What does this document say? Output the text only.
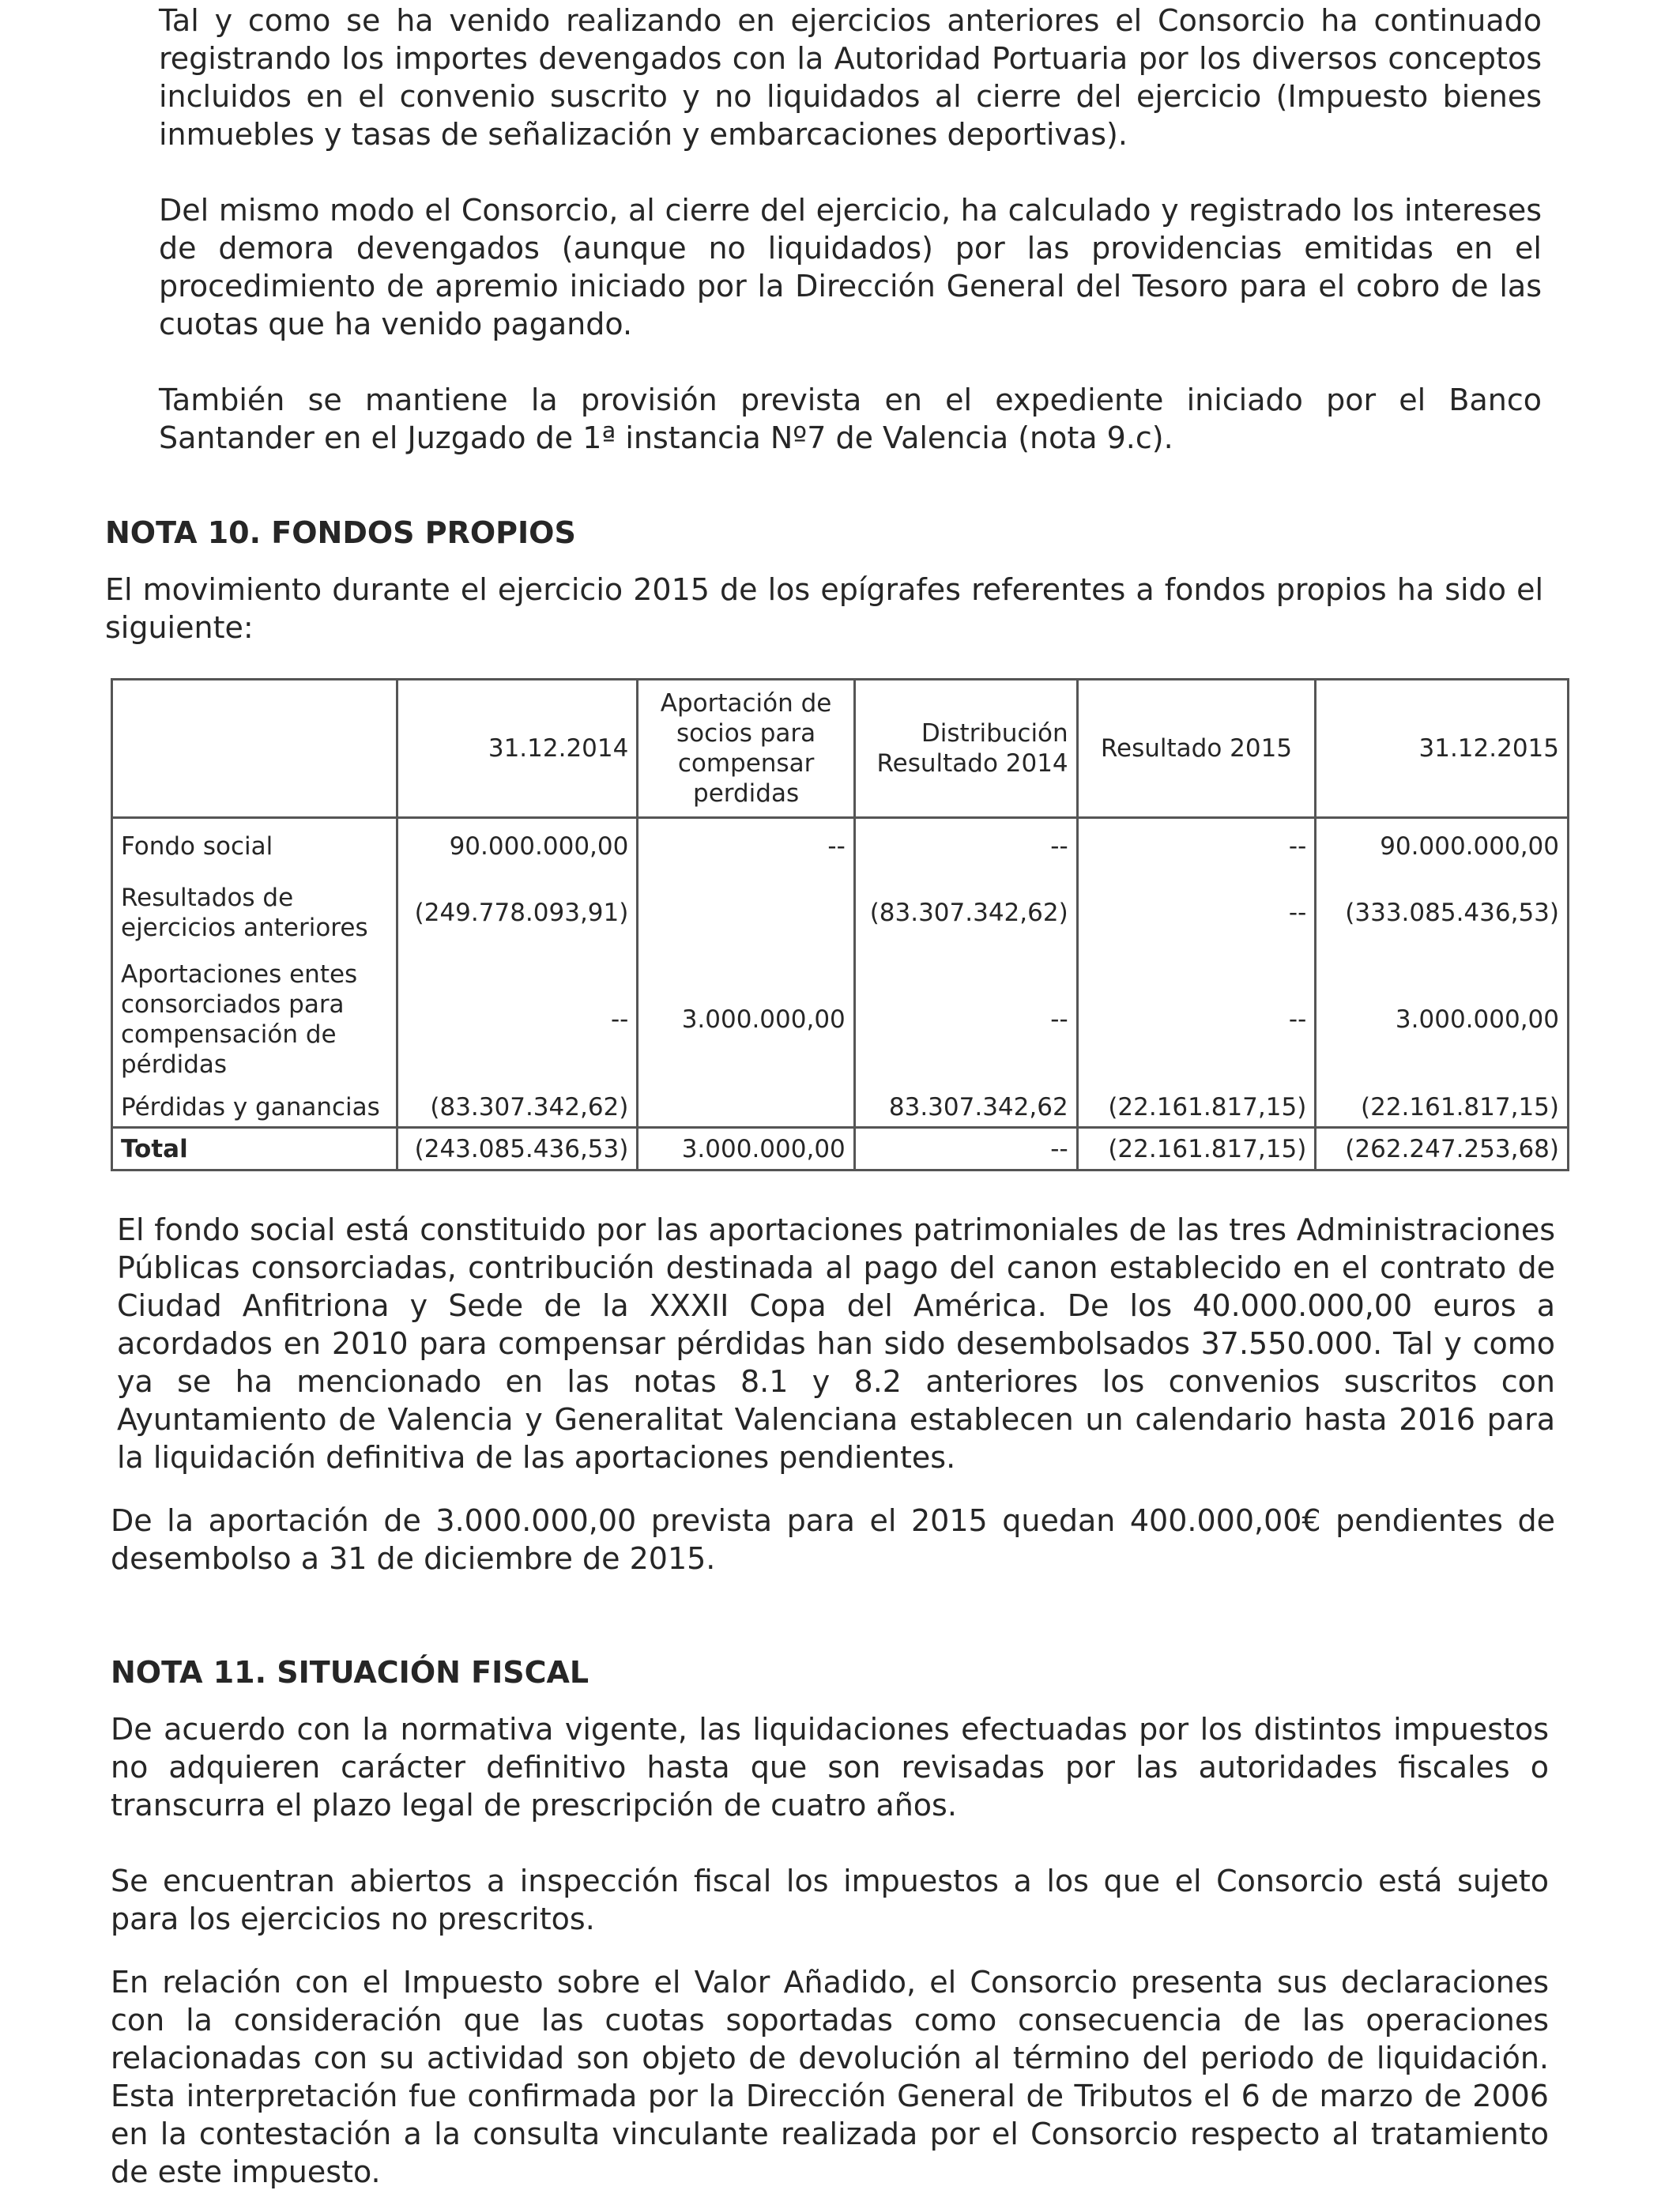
Tal y como se ha venido realizando en ejercicios anteriores el Consorcio ha continuado registrando los importes devengados con la Autoridad Portuaria por los diversos conceptos incluidos en el convenio suscrito y no liquidados al cierre del ejercicio (Impuesto bienes inmuebles y tasas de señalización y embarcaciones deportivas).

Del mismo modo el Consorcio, al cierre del ejercicio, ha calculado y registrado los intereses de demora devengados (aunque no liquidados) por las providencias emitidas en el procedimiento de apremio iniciado por la Dirección General del Tesoro para el cobro de las cuotas que ha venido pagando.

También se mantiene la provisión prevista en el expediente iniciado por el Banco Santander en el Juzgado de 1ª instancia Nº7 de Valencia (nota 9.c).

NOTA 10. FONDOS PROPIOS

El movimiento durante el ejercicio 2015 de los epígrafes referentes a fondos propios ha sido el siguiente:

	31.12.2014	Aportación de socios para compensar perdidas	Distribución Resultado 2014	Resultado 2015	31.12.2015
Fondo social	90.000.000,00	--	--	--	90.000.000,00
Resultados de ejercicios anteriores	(249.778.093,91)		(83.307.342,62)	--	(333.085.436,53)
Aportaciones entes consorciados para compensación de pérdidas	--	3.000.000,00	--	--	3.000.000,00
Pérdidas y ganancias	(83.307.342,62)		83.307.342,62	(22.161.817,15)	(22.161.817,15)
Total	(243.085.436,53)	3.000.000,00	--	(22.161.817,15)	(262.247.253,68)

El fondo social está constituido por las aportaciones patrimoniales de las tres Administraciones Públicas consorciadas, contribución destinada al pago del canon establecido en el contrato de Ciudad Anfitriona y Sede de la XXXII Copa del América. De los 40.000.000,00 euros a acordados en 2010 para compensar pérdidas han sido desembolsados 37.550.000. Tal y como ya se ha mencionado en las notas 8.1 y 8.2 anteriores los convenios suscritos con Ayuntamiento de Valencia y Generalitat Valenciana establecen un calendario hasta 2016 para la liquidación definitiva de las aportaciones pendientes.

De la aportación de 3.000.000,00 prevista para el 2015 quedan 400.000,00€ pendientes de desembolso a 31 de diciembre de 2015.

NOTA 11. SITUACIÓN FISCAL

De acuerdo con la normativa vigente, las liquidaciones efectuadas por los distintos impuestos no adquieren carácter definitivo hasta que son revisadas por las autoridades fiscales o transcurra el plazo legal de prescripción de cuatro años.

Se encuentran abiertos a inspección fiscal los impuestos a los que el Consorcio está sujeto para los ejercicios no prescritos.

En relación con el Impuesto sobre el Valor Añadido, el Consorcio presenta sus declaraciones con la consideración que las cuotas soportadas como consecuencia de las operaciones relacionadas con su actividad son objeto de devolución al término del periodo de liquidación. Esta interpretación fue confirmada por la Dirección General de Tributos el 6 de marzo de 2006 en la contestación a la consulta vinculante realizada por el Consorcio respecto al tratamiento de este impuesto.
